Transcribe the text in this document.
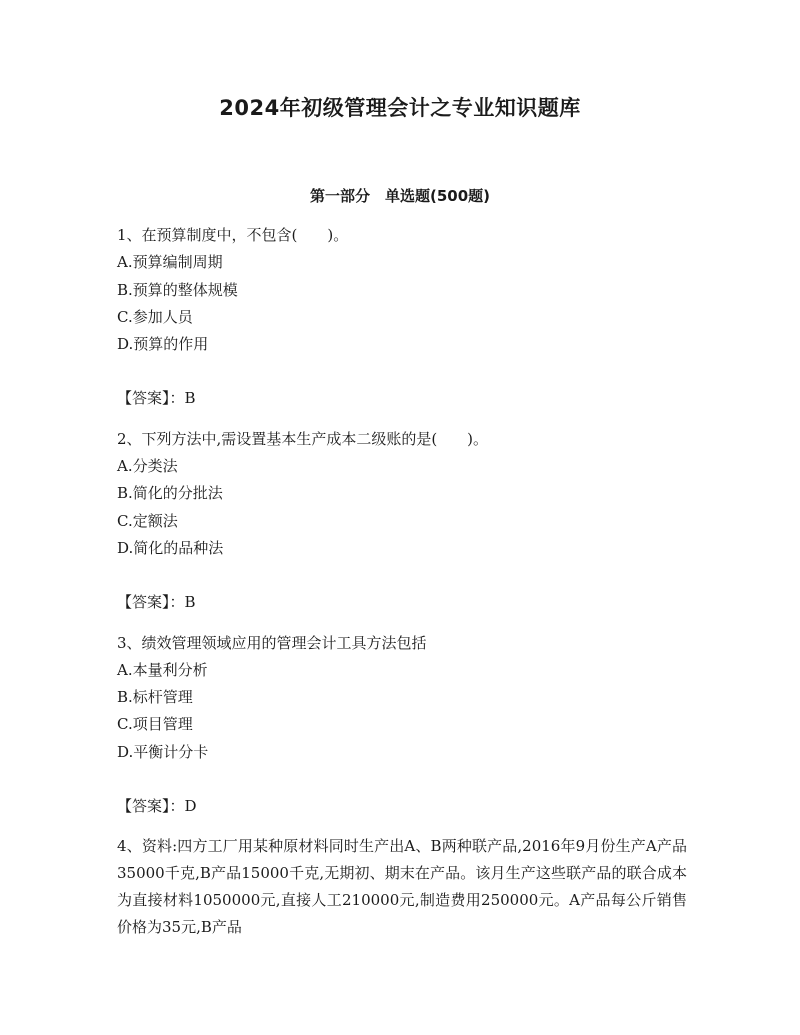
2024年初级管理会计之专业知识题库
第一部分　单选题(500题)

1、在预算制度中，不包含(　　)。

A.预算编制周期

B.预算的整体规模

C.参加人员

D.预算的作用

【答案】：B

2、下列方法中,需设置基本生产成本二级账的是(　　)。

A.分类法

B.简化的分批法

C.定额法

D.简化的品种法

【答案】：B

3、绩效管理领域应用的管理会计工具方法包括

A.本量利分析

B.标杆管理

C.项目管理

D.平衡计分卡

【答案】：D

4、资料:四方工厂用某种原材料同时生产出A、B两种联产品,2016年9月份生产A产品35000千克,B产品15000千克,无期初、期末在产品。该月生产这些联产品的联合成本为直接材料1050000元,直接人工210000元,制造费用250000元。A产品每公斤销售价格为35元,B产品
